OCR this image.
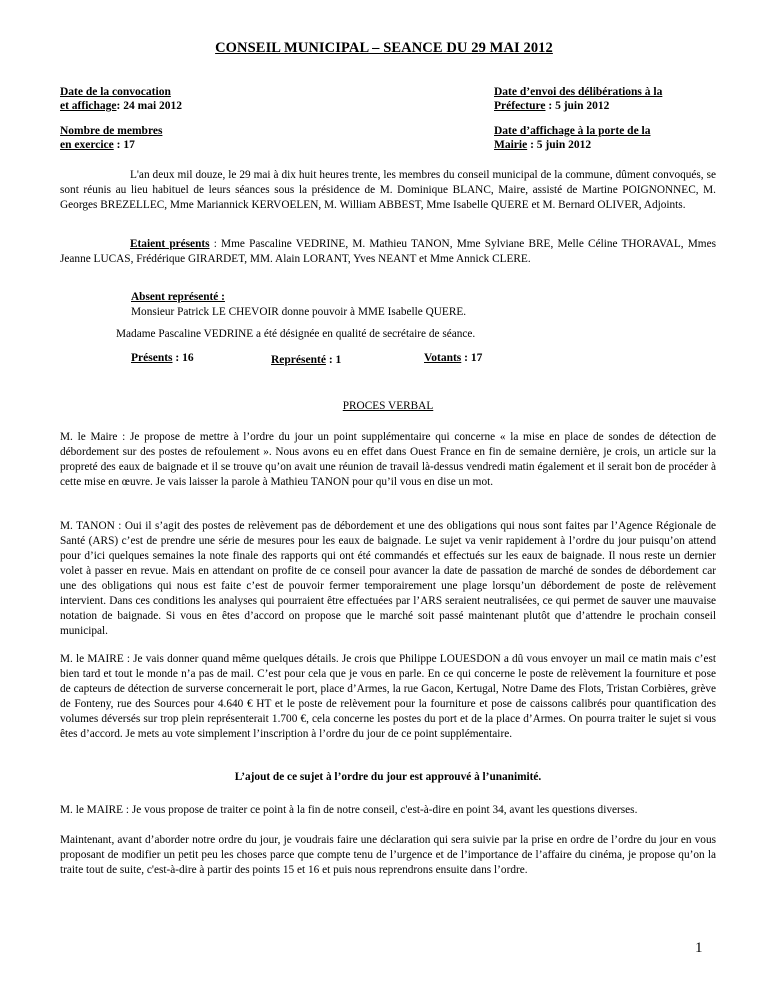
CONSEIL MUNICIPAL – SEANCE DU 29 MAI 2012
Date de la convocation
et affichage: 24 mai 2012
Date d’envoi des délibérations à la
Préfecture : 5 juin 2012
Nombre de membres
en exercice : 17
Date d’affichage à la porte de la
Mairie : 5 juin 2012
L'an deux mil douze, le 29 mai à dix huit heures trente, les membres du conseil municipal de la commune, dûment convoqués, se sont réunis au lieu habituel de leurs séances sous la présidence de M. Dominique BLANC, Maire, assisté de Martine POIGNONNEC, M. Georges BREZELLEC, Mme Mariannick KERVOELEN, M. William ABBEST, Mme Isabelle QUERE et M. Bernard OLIVER, Adjoints.
Etaient présents : Mme Pascaline VEDRINE, M. Mathieu TANON, Mme Sylviane BRE, Melle Céline THORAVAL, Mmes Jeanne LUCAS, Frédérique GIRARDET, MM. Alain LORANT, Yves NEANT et Mme Annick CLERE.
Absent représenté :
Monsieur Patrick LE CHEVOIR donne pouvoir à MME Isabelle QUERE.
Madame Pascaline VEDRINE a été désignée en qualité de secrétaire de séance.
Présents : 16	Représenté : 1	Votants : 17
PROCES VERBAL
M. le Maire : Je propose de mettre à l’ordre du jour un point supplémentaire qui concerne « la mise en place de sondes de détection de débordement sur des postes de refoulement ». Nous avons eu en effet dans Ouest France en fin de semaine dernière, je crois, un article sur la propreté des eaux de baignade et il se trouve qu’on avait une réunion de travail là-dessus vendredi matin également et il serait bon de procéder à cette mise en œuvre. Je vais laisser la parole à Mathieu TANON pour qu’il vous en dise un mot.
M. TANON : Oui il s’agit des postes de relèvement pas de débordement et une des obligations qui nous sont faites par l’Agence Régionale de Santé (ARS) c’est de prendre une série de mesures pour les eaux de baignade. Le sujet va venir rapidement à l’ordre du jour puisqu’on attend pour d’ici quelques semaines la note finale des rapports qui ont été commandés et effectués sur les eaux de baignade. Il nous reste un dernier volet à passer en revue. Mais en attendant on profite de ce conseil pour avancer la date de passation de marché de sondes de débordement car une des obligations qui nous est faite c’est de pouvoir fermer temporairement une plage lorsqu’un débordement de poste de relèvement intervient. Dans ces conditions les analyses qui pourraient être effectuées par l’ARS seraient neutralisées, ce qui permet de sauver une mauvaise notation de baignade. Si vous en êtes d’accord on propose que le marché soit passé maintenant plutôt que d’attendre le prochain conseil municipal.
M. le MAIRE : Je vais donner quand même quelques détails. Je crois que Philippe LOUESDON a dû vous envoyer un mail ce matin mais c’est bien tard et tout le monde n’a pas de mail. C’est pour cela que je vous en parle. En ce qui concerne le poste de relèvement la fourniture et pose de capteurs de détection de surverse concernerait le port, place d’Armes, la rue Gacon, Kertugal, Notre Dame des Flots, Tristan Corbières, grève de Fonteny, rue des Sources pour 4.640 € HT et le poste de relèvement pour la fourniture et pose de caissons calibrés pour quantification des volumes déversés sur trop plein représenterait 1.700 €, cela concerne les postes du port et de la place d’Armes. On pourra traiter le sujet si vous êtes d’accord. Je mets au vote simplement l’inscription à l’ordre du jour de ce point supplémentaire.
L’ajout de ce sujet à l’ordre du jour est approuvé à l’unanimité.
M. le MAIRE : Je vous propose de traiter ce point à la fin de notre conseil, c'est-à-dire en point 34, avant les questions diverses.
Maintenant, avant d’aborder notre ordre du jour, je voudrais faire une déclaration qui sera suivie par la prise en ordre de l’ordre du jour en vous proposant de modifier un petit peu les choses parce que compte tenu de l’urgence et de l’importance de l’affaire du cinéma, je propose qu’on la traite tout de suite, c'est-à-dire à partir des points 15 et 16 et puis nous reprendrons ensuite dans l’ordre.
1
